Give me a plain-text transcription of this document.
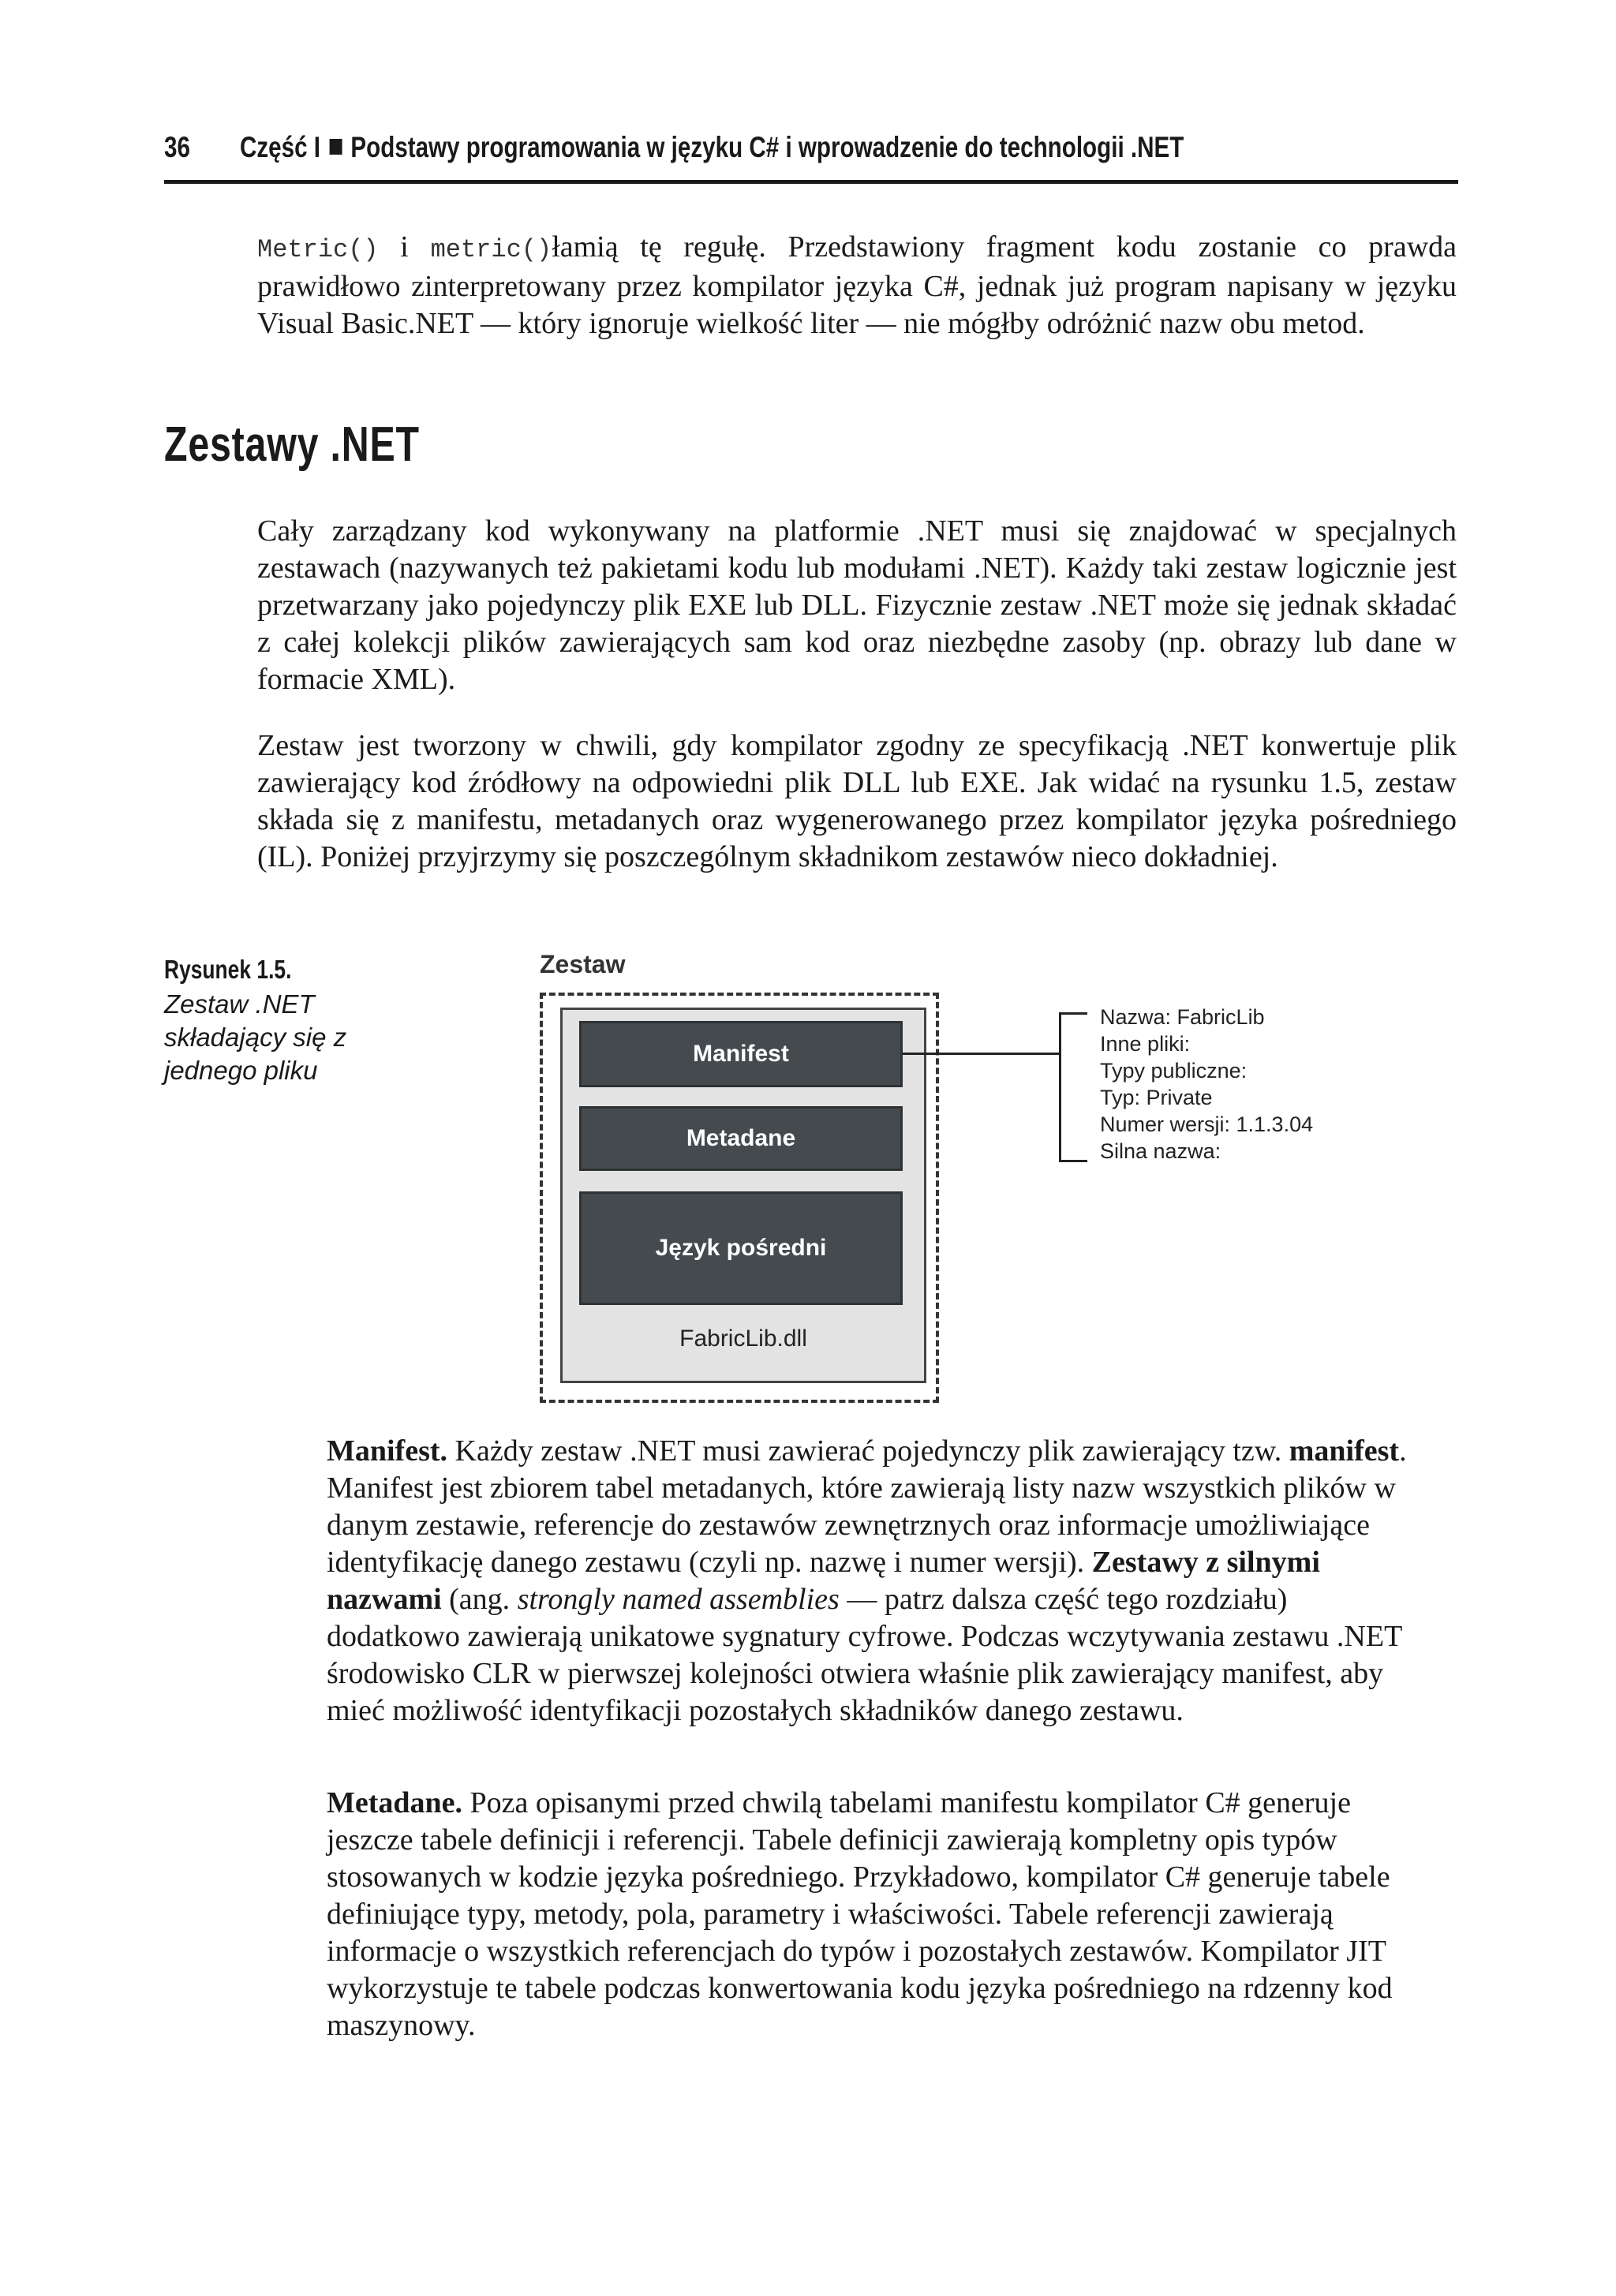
36 Część I Podstawy programowania w języku C# i wprowadzenie do technologii .NET
Metric() i metric()łamią tę regułę. Przedstawiony fragment kodu zostanie co prawda prawidłowo zinterpretowany przez kompilator języka C#, jednak już program napisany w języku Visual Basic.NET — który ignoruje wielkość liter — nie mógłby odróżnić nazw obu metod.
Zestawy .NET
Cały zarządzany kod wykonywany na platformie .NET musi się znajdować w specjalnych zestawach (nazywanych też pakietami kodu lub modułami .NET). Każdy taki zestaw logicznie jest przetwarzany jako pojedynczy plik EXE lub DLL. Fizycznie zestaw .NET może się jednak składać z całej kolekcji plików zawierających sam kod oraz niezbędne zasoby (np. obrazy lub dane w formacie XML).
Zestaw jest tworzony w chwili, gdy kompilator zgodny ze specyfikacją .NET konwertuje plik zawierający kod źródłowy na odpowiedni plik DLL lub EXE. Jak widać na rysunku 1.5, zestaw składa się z manifestu, metadanych oraz wygenerowanego przez kompilator języka pośredniego (IL). Poniżej przyjrzymy się poszczególnym składnikom zestawów nieco dokładniej.
Rysunek 1.5.
Zestaw .NET składający się z jednego pliku
Zestaw
Manifest
Metadane
Język pośredni
FabricLib.dll
Nazwa: FabricLib
Inne pliki:
Typy publiczne:
Typ: Private
Numer wersji: 1.1.3.04
Silna nazwa:
Manifest. Każdy zestaw .NET musi zawierać pojedynczy plik zawierający tzw. manifest. Manifest jest zbiorem tabel metadanych, które zawierają listy nazw wszystkich plików w danym zestawie, referencje do zestawów zewnętrznych oraz informacje umożliwiające identyfikację danego zestawu (czyli np. nazwę i numer wersji). Zestawy z silnymi nazwami (ang. strongly named assemblies — patrz dalsza część tego rozdziału) dodatkowo zawierają unikatowe sygnatury cyfrowe. Podczas wczytywania zestawu .NET środowisko CLR w pierwszej kolejności otwiera właśnie plik zawierający manifest, aby mieć możliwość identyfikacji pozostałych składników danego zestawu.
Metadane. Poza opisanymi przed chwilą tabelami manifestu kompilator C# generuje jeszcze tabele definicji i referencji. Tabele definicji zawierają kompletny opis typów stosowanych w kodzie języka pośredniego. Przykładowo, kompilator C# generuje tabele definiujące typy, metody, pola, parametry i właściwości. Tabele referencji zawierają informacje o wszystkich referencjach do typów i pozostałych zestawów. Kompilator JIT wykorzystuje te tabele podczas konwertowania kodu języka pośredniego na rdzenny kod maszynowy.
